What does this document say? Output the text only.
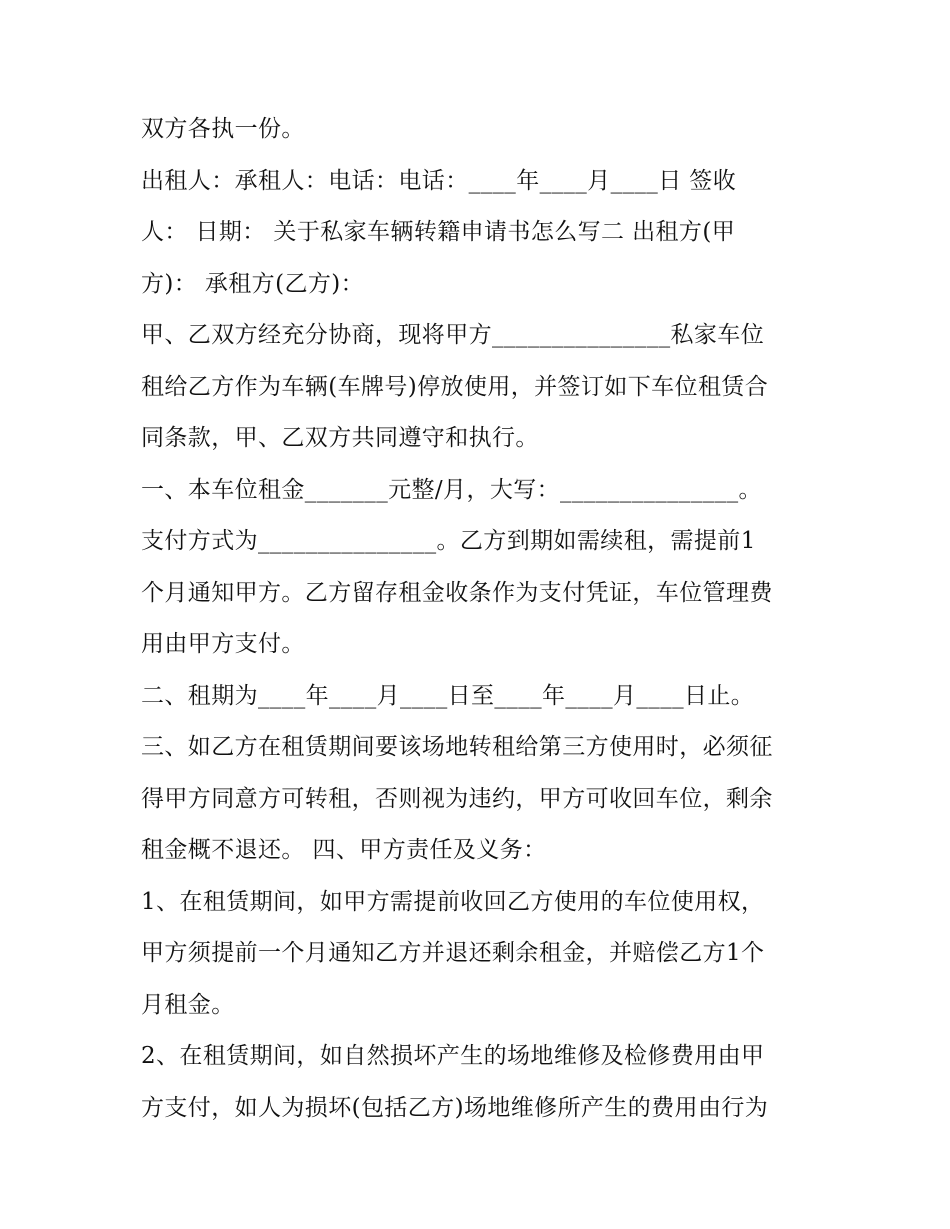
双方各执一份。
出租人：承租人：电话：电话：____年____月____日 签收
人： 日期： 关于私家车辆转籍申请书怎么写二 出租方(甲
方)： 承租方(乙方)：
甲、乙双方经充分协商，现将甲方_______________私家车位
租给乙方作为车辆(车牌号)停放使用，并签订如下车位租赁合
同条款，甲、乙双方共同遵守和执行。
一、本车位租金_______元整/月，大写：_______________。
支付方式为_______________。乙方到期如需续租，需提前1
个月通知甲方。乙方留存租金收条作为支付凭证，车位管理费
用由甲方支付。
二、租期为____年____月____日至____年____月____日止。
三、如乙方在租赁期间要该场地转租给第三方使用时，必须征
得甲方同意方可转租，否则视为违约，甲方可收回车位，剩余
租金概不退还。 四、甲方责任及义务：
1、在租赁期间，如甲方需提前收回乙方使用的车位使用权，
甲方须提前一个月通知乙方并退还剩余租金，并赔偿乙方1个
月租金。
2、在租赁期间，如自然损坏产生的场地维修及检修费用由甲
方支付，如人为损坏(包括乙方)场地维修所产生的费用由行为
